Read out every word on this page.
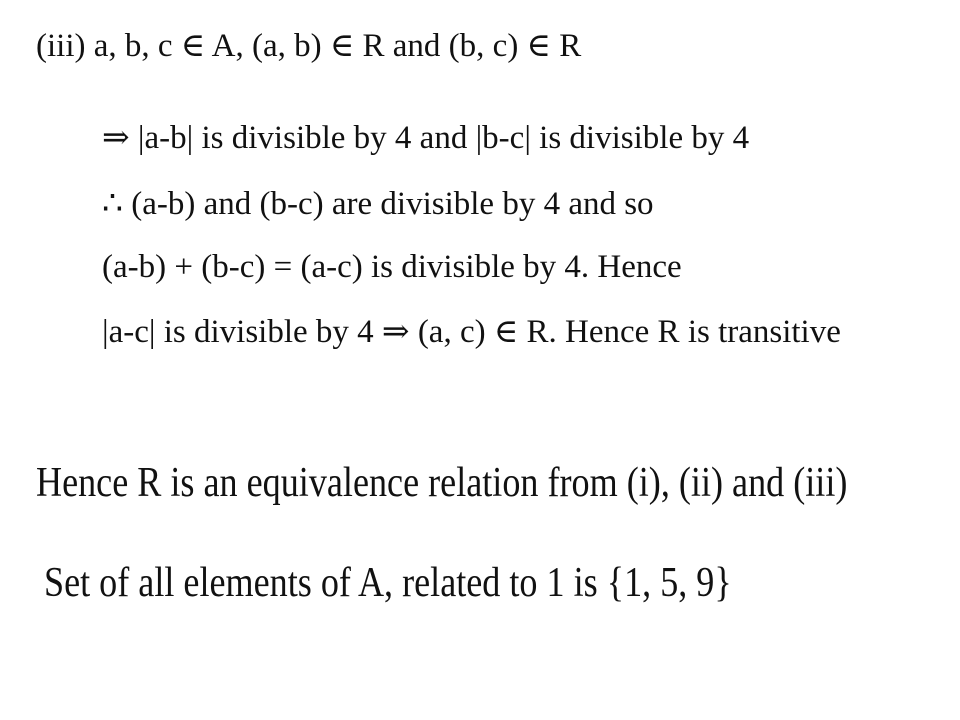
(iii) a, b, c ∈ A, (a, b) ∈ R and (b, c) ∈ R
⇒ |a-b| is divisible by 4 and |b-c| is divisible by 4
∴ (a-b) and (b-c) are divisible by 4 and so
(a-b) + (b-c) = (a-c) is divisible by 4. Hence
|a-c| is divisible by 4 ⇒ (a, c) ∈ R. Hence R is transitive
Hence R is an equivalence relation from (i), (ii) and (iii)
Set of all elements of A, related to 1 is {1, 5, 9}
